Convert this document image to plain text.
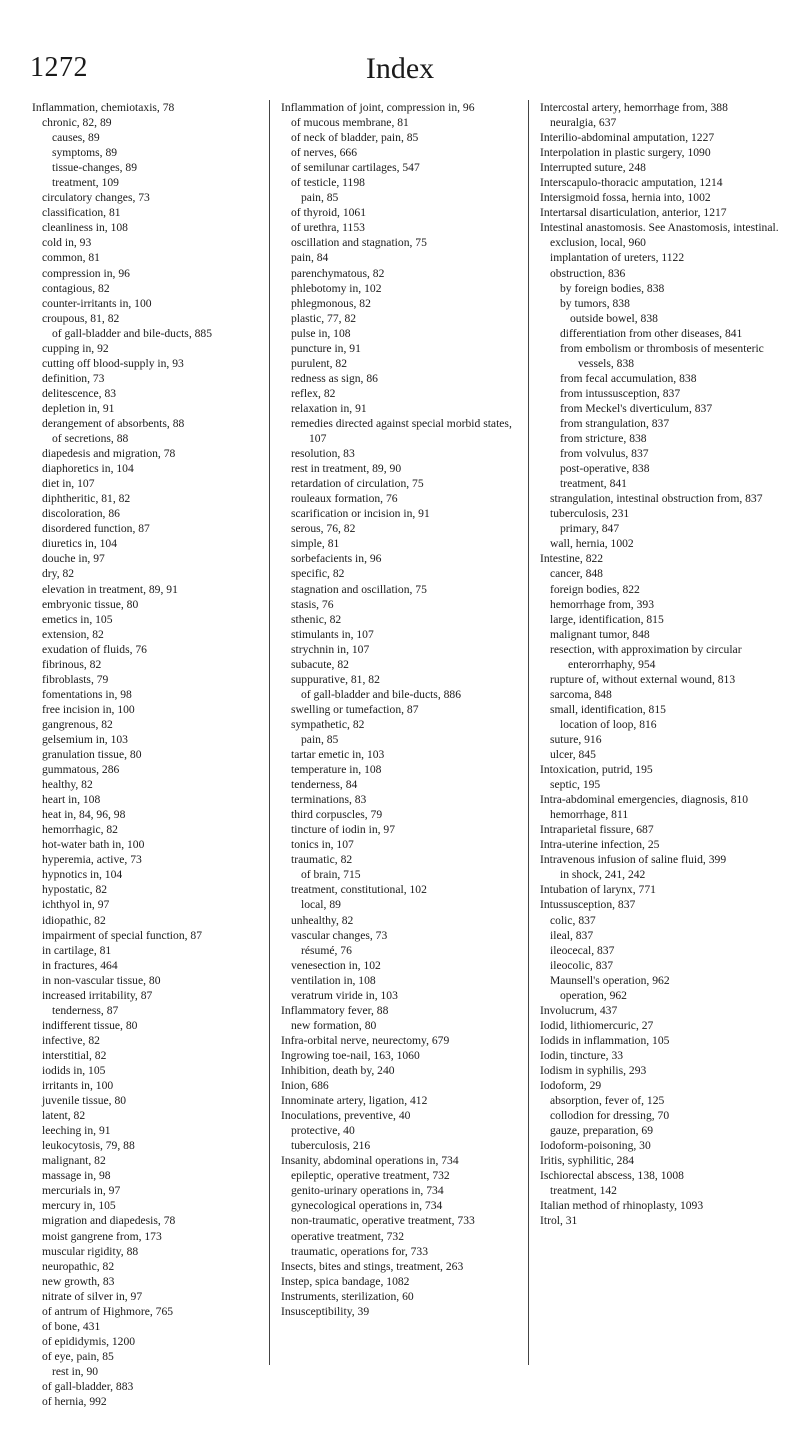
1272	Index
Inflammation, chemiotaxis, 78
chronic, 82, 89
causes, 89
symptoms, 89
tissue-changes, 89
treatment, 109
circulatory changes, 73
classification, 81
cleanliness in, 108
cold in, 93
common, 81
compression in, 96
contagious, 82
counter-irritants in, 100
croupous, 81, 82
of gall-bladder and bile-ducts, 885
cupping in, 92
cutting off blood-supply in, 93
definition, 73
delitescence, 83
depletion in, 91
derangement of absorbents, 88
of secretions, 88
diapedesis and migration, 78
diaphoretics in, 104
diet in, 107
diphtheritic, 81, 82
discoloration, 86
disordered function, 87
diuretics in, 104
douche in, 97
dry, 82
elevation in treatment, 89, 91
embryonic tissue, 80
emetics in, 105
extension, 82
exudation of fluids, 76
fibrinous, 82
fibroblasts, 79
fomentations in, 98
free incision in, 100
gangrenous, 82
gelsemium in, 103
granulation tissue, 80
gummatous, 286
healthy, 82
heart in, 108
heat in, 84, 96, 98
hemorrhagic, 82
hot-water bath in, 100
hyperemia, active, 73
hypnotics in, 104
hypostatic, 82
ichthyol in, 97
idiopathic, 82
impairment of special function, 87
in cartilage, 81
in fractures, 464
in non-vascular tissue, 80
increased irritability, 87
tenderness, 87
indifferent tissue, 80
infective, 82
interstitial, 82
iodids in, 105
irritants in, 100
juvenile tissue, 80
latent, 82
leeching in, 91
leukocytosis, 79, 88
malignant, 82
massage in, 98
mercurials in, 97
mercury in, 105
migration and diapedesis, 78
moist gangrene from, 173
muscular rigidity, 88
neuropathic, 82
new growth, 83
nitrate of silver in, 97
of antrum of Highmore, 765
of bone, 431
of epididymis, 1200
of eye, pain, 85
rest in, 90
of gall-bladder, 883
of hernia, 992
Inflammation of joint, compression in, 96
of mucous membrane, 81
of neck of bladder, pain, 85
of nerves, 666
of semilunar cartilages, 547
of testicle, 1198
pain, 85
of thyroid, 1061
of urethra, 1153
oscillation and stagnation, 75
pain, 84
parenchymatous, 82
phlebotomy in, 102
phlegmonous, 82
plastic, 77, 82
pulse in, 108
puncture in, 91
purulent, 82
redness as sign, 86
reflex, 82
relaxation in, 91
remedies directed against special morbid states, 107
resolution, 83
rest in treatment, 89, 90
retardation of circulation, 75
rouleaux formation, 76
scarification or incision in, 91
serous, 76, 82
simple, 81
sorbefacients in, 96
specific, 82
stagnation and oscillation, 75
stasis, 76
sthenic, 82
stimulants in, 107
strychnin in, 107
subacute, 82
suppurative, 81, 82
of gall-bladder and bile-ducts, 886
swelling or tumefaction, 87
sympathetic, 82
pain, 85
tartar emetic in, 103
temperature in, 108
tenderness, 84
terminations, 83
third corpuscles, 79
tincture of iodin in, 97
tonics in, 107
traumatic, 82
of brain, 715
treatment, constitutional, 102
local, 89
unhealthy, 82
vascular changes, 73
résumé, 76
venesection in, 102
ventilation in, 108
veratrum viride in, 103
Inflammatory fever, 88
new formation, 80
Infra-orbital nerve, neurectomy, 679
Ingrowing toe-nail, 163, 1060
Inhibition, death by, 240
Inion, 686
Innominate artery, ligation, 412
Inoculations, preventive, 40
protective, 40
tuberculosis, 216
Insanity, abdominal operations in, 734
epileptic, operative treatment, 732
genito-urinary operations in, 734
gynecological operations in, 734
non-traumatic, operative treatment, 733
operative treatment, 732
traumatic, operations for, 733
Insects, bites and stings, treatment, 263
Instep, spica bandage, 1082
Instruments, sterilization, 60
Insusceptibility, 39
Intercostal artery, hemorrhage from, 388
neuralgia, 637
Interilio-abdominal amputation, 1227
Interpolation in plastic surgery, 1090
Interrupted suture, 248
Interscapulo-thoracic amputation, 1214
Intersigmoid fossa, hernia into, 1002
Intertarsal disarticulation, anterior, 1217
Intestinal anastomosis. See Anastomosis, intestinal.
exclusion, local, 960
implantation of ureters, 1122
obstruction, 836
by foreign bodies, 838
by tumors, 838
outside bowel, 838
differentiation from other diseases, 841
from embolism or thrombosis of mesenteric vessels, 838
from fecal accumulation, 838
from intussusception, 837
from Meckel's diverticulum, 837
from strangulation, 837
from stricture, 838
from volvulus, 837
post-operative, 838
treatment, 841
strangulation, intestinal obstruction from, 837
tuberculosis, 231
primary, 847
wall, hernia, 1002
Intestine, 822
cancer, 848
foreign bodies, 822
hemorrhage from, 393
large, identification, 815
malignant tumor, 848
resection, with approximation by circular enterorrhaphy, 954
rupture of, without external wound, 813
sarcoma, 848
small, identification, 815
location of loop, 816
suture, 916
ulcer, 845
Intoxication, putrid, 195
septic, 195
Intra-abdominal emergencies, diagnosis, 810
hemorrhage, 811
Intraparietal fissure, 687
Intra-uterine infection, 25
Intravenous infusion of saline fluid, 399
in shock, 241, 242
Intubation of larynx, 771
Intussusception, 837
colic, 837
ileal, 837
ileocecal, 837
ileocolic, 837
Maunsell's operation, 962
operation, 962
Involucrum, 437
Iodid, lithiomercuric, 27
Iodids in inflammation, 105
Iodin, tincture, 33
Iodism in syphilis, 293
Iodoform, 29
absorption, fever of, 125
collodion for dressing, 70
gauze, preparation, 69
Iodoform-poisoning, 30
Iritis, syphilitic, 284
Ischiorectal abscess, 138, 1008
treatment, 142
Italian method of rhinoplasty, 1093
Itrol, 31
